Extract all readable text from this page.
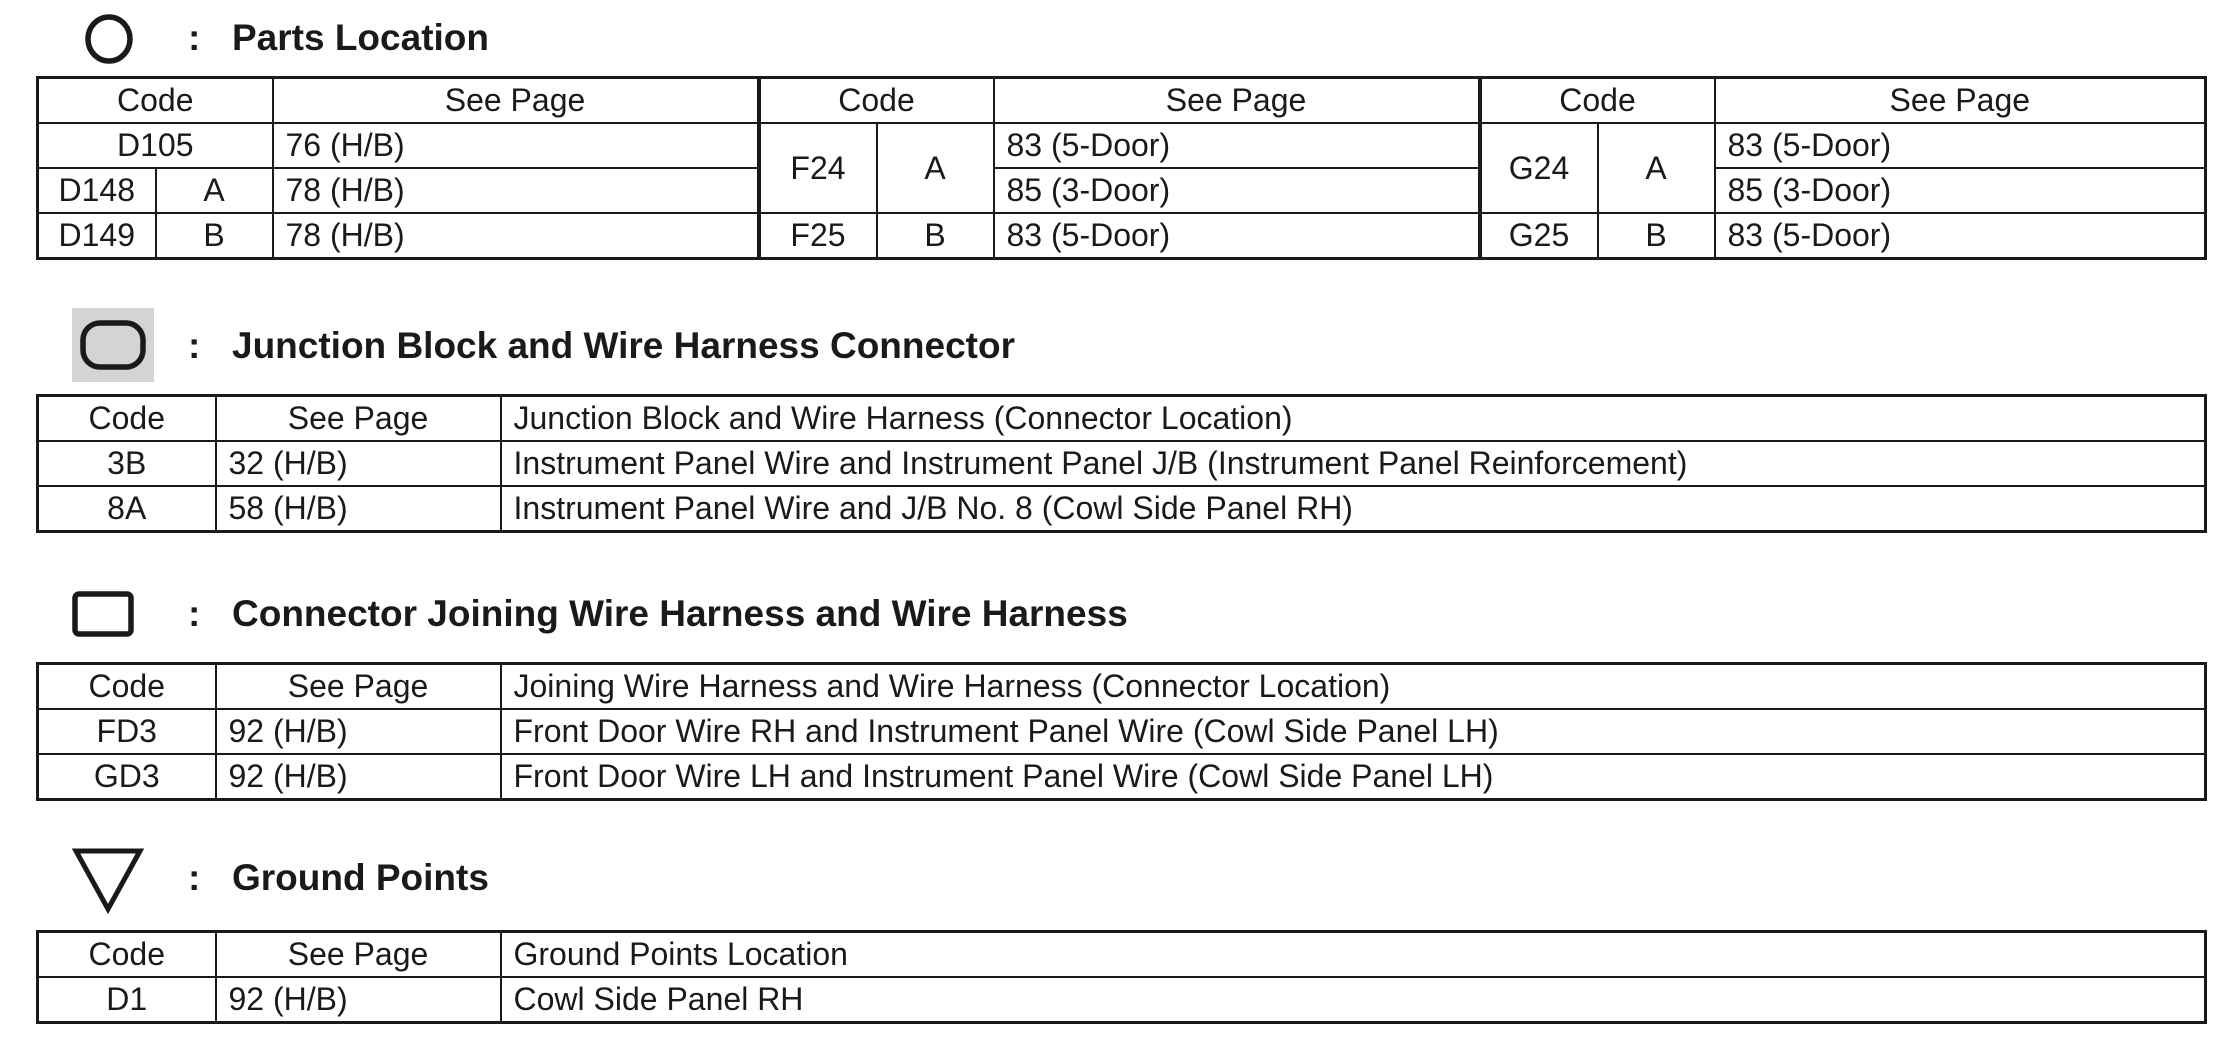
: Parts Location
Code		See Page	Code		See Page	Code		See Page
D105		76 (H/B)	F24	A	83 (5-Door)	G24	A	83 (5-Door)
D148	A	78 (H/B)			85 (3-Door)			85 (3-Door)
D149	B	78 (H/B)	F25	B	83 (5-Door)	G25	B	83 (5-Door)
: Junction Block and Wire Harness Connector
Code	See Page	Junction Block and Wire Harness (Connector Location)
3B	32 (H/B)	Instrument Panel Wire and Instrument Panel J/B (Instrument Panel Reinforcement)
8A	58 (H/B)	Instrument Panel Wire and J/B No. 8 (Cowl Side Panel RH)
: Connector Joining Wire Harness and Wire Harness
Code	See Page	Joining Wire Harness and Wire Harness (Connector Location)
FD3	92 (H/B)	Front Door Wire RH and Instrument Panel Wire (Cowl Side Panel LH)
GD3	92 (H/B)	Front Door Wire LH and Instrument Panel Wire (Cowl Side Panel LH)
: Ground Points
Code	See Page	Ground Points Location
D1	92 (H/B)	Cowl Side Panel RH
